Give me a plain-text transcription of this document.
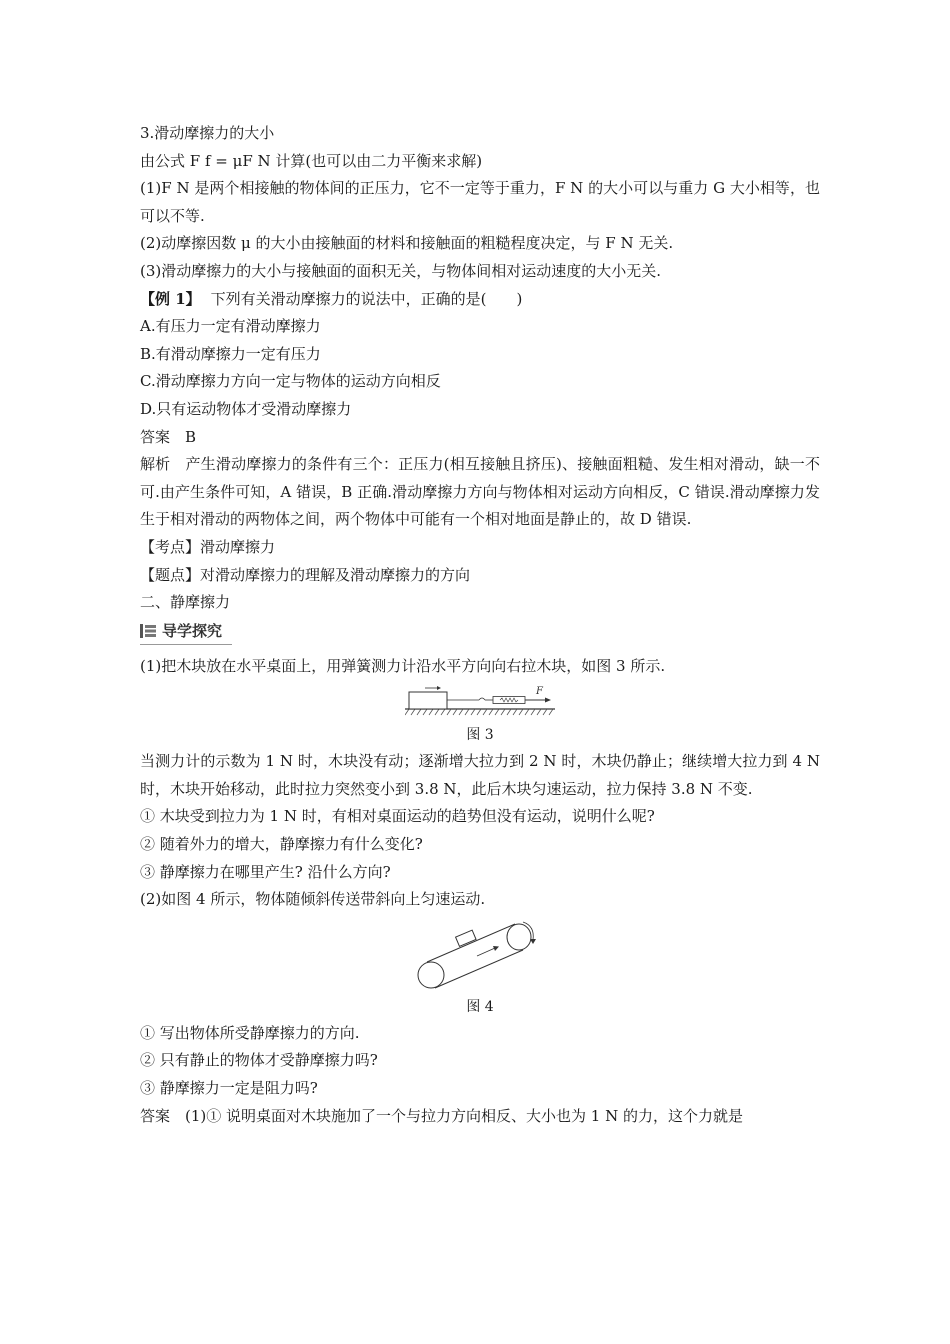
3.滑动摩擦力的大小
由公式 F f = μF N 计算(也可以由二力平衡来求解)
(1)F N 是两个相接触的物体间的正压力，它不一定等于重力，F N 的大小可以与重力 G 大小相等，也可以不等.
(2)动摩擦因数 μ 的大小由接触面的材料和接触面的粗糙程度决定，与 F N 无关.
(3)滑动摩擦力的大小与接触面的面积无关，与物体间相对运动速度的大小无关.
【例 1】 下列有关滑动摩擦力的说法中，正确的是(　　)
A.有压力一定有滑动摩擦力
B.有滑动摩擦力一定有压力
C.滑动摩擦力方向一定与物体的运动方向相反
D.只有运动物体才受滑动摩擦力
答案　B
解析　产生滑动摩擦力的条件有三个：正压力(相互接触且挤压)、接触面粗糙、发生相对滑动，缺一不可.由产生条件可知，A 错误，B 正确.滑动摩擦力方向与物体相对运动方向相反，C 错误.滑动摩擦力发生于相对滑动的两物体之间，两个物体中可能有一个相对地面是静止的，故 D 错误.
【考点】滑动摩擦力
【题点】对滑动摩擦力的理解及滑动摩擦力的方向
二、静摩擦力
导学探究
(1)把木块放在水平桌面上，用弹簧测力计沿水平方向向右拉木块，如图 3 所示.
F
图 3
当测力计的示数为 1 N 时，木块没有动；逐渐增大拉力到 2 N 时，木块仍静止；继续增大拉力到 4 N 时，木块开始移动，此时拉力突然变小到 3.8 N，此后木块匀速运动，拉力保持 3.8 N 不变.
① 木块受到拉力为 1 N 时，有相对桌面运动的趋势但没有运动，说明什么呢?
② 随着外力的增大，静摩擦力有什么变化?
③ 静摩擦力在哪里产生? 沿什么方向?
(2)如图 4 所示，物体随倾斜传送带斜向上匀速运动.
图 4
① 写出物体所受静摩擦力的方向.
② 只有静止的物体才受静摩擦力吗?
③ 静摩擦力一定是阻力吗?
答案　(1)① 说明桌面对木块施加了一个与拉力方向相反、大小也为 1 N 的力，这个力就是
